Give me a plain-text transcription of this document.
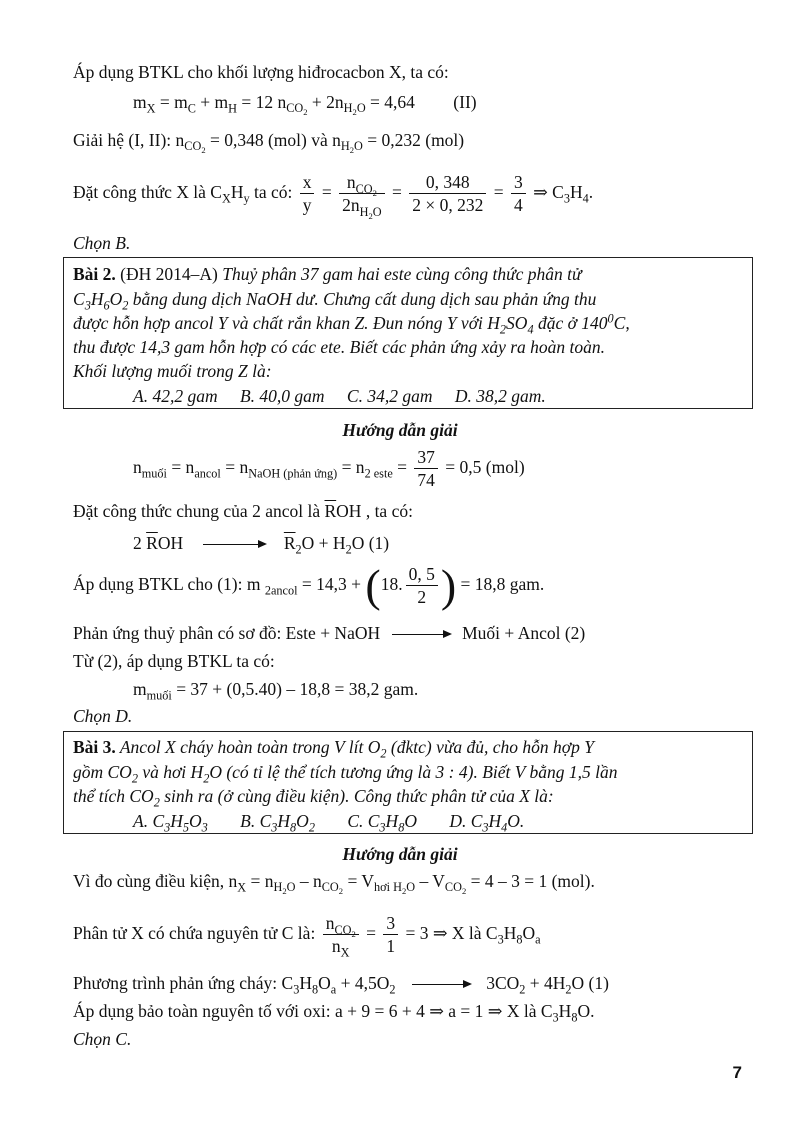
Áp dụng BTKL cho khối lượng hiđrocacbon X, ta có:
$m_X = m_C + m_H = 12$ $n_{CO_2} + 2n_{H_2O} = 4,64$ (II)
Giải hệ (I, II): $n_{CO_2} = 0,348$ (mol) và $n_{H_2O} = 0,232$ (mol)
Đặt công thức X là $C_XH_y$ ta có: $\frac{x}{y} = \frac{n_{CO_2}}{2n_{H_2O}} = \frac{0, 348}{2 \times 0, 232} = \frac{3}{4}$ ⇒ $C_3H_4$.
Chọn B.
Bài 2. (ĐH 2014–A) Thuỷ phân 37 gam hai este cùng công thức phân tử
$C_3H_6O_2$ bằng dung dịch NaOH dư. Chưng cất dung dịch sau phản ứng thu
được hỗn hợp ancol Y và chất rắn khan Z. Đun nóng Y với $H_2SO_4$ đặc ở $140^0C$,
thu được 14,3 gam hỗn hợp có các ete. Biết các phản ứng xảy ra hoàn toàn.
Khối lượng muối trong Z là:
A. 42,2 gam B. 40,0 gam C. 34,2 gam D. 38,2 gam.
Hướng dẫn giải
$n_{muối} = n_{ancol} = n_{NaOH (phản ứng)} = n_{2 este} = \frac{37}{74} = 0,5$ (mol)
Đặt công thức chung của 2 ancol là $\overline{R}OH$ , ta có:
2 $\overline{R}OH \to \overline{R}_2O + H_2O$ (1)
Áp dụng BTKL cho (1): m $_{2ancol}$ = 14,3 + (18. $\frac{0, 5}{2}$ ) = 18,8 gam.
Phản ứng thuỷ phân có sơ đồ: Este + NaOH → Muối + Ancol (2)
Từ (2), áp dụng BTKL ta có:
$m_{muối} = 37 + (0,5.40) - 18,8 = 38,2$ gam.
Chọn D.
Bài 3. Ancol X cháy hoàn toàn trong V lít $O_2$ (đktc) vừa đủ, cho hỗn hợp Y
gồm $CO_2$ và hơi $H_2O$ (có tỉ lệ thể tích tương ứng là 3 : 4). Biết V bằng 1,5 lần
thể tích $CO_2$ sinh ra (ở cùng điều kiện). Công thức phân tử của X là:
A. $C_3H_5O_3$ B. $C_3H_8O_2$ C. $C_3H_8O$ D. $C_3H_4O$.
Hướng dẫn giải
Vì đo cùng điều kiện, $n_X = n_{H_2O} - n_{CO_2} = V_{hơi H_2O} - V_{CO_2} = 4 - 3 = 1$ (mol).
Phân tử X có chứa nguyên tử C là: $\frac{n_{CO_2}}{n_X} = \frac{3}{1} = 3$ ⇒ X là $C_3H_8O_a$
Phương trình phản ứng cháy: $C_3H_8O_a + 4,5O_2 \to 3CO_2 + 4H_2O$ (1)
Áp dụng bảo toàn nguyên tố với oxi: a + 9 = 6 + 4 ⇒ a = 1 ⇒ X là $C_3H_8O$.
Chọn C.
7
